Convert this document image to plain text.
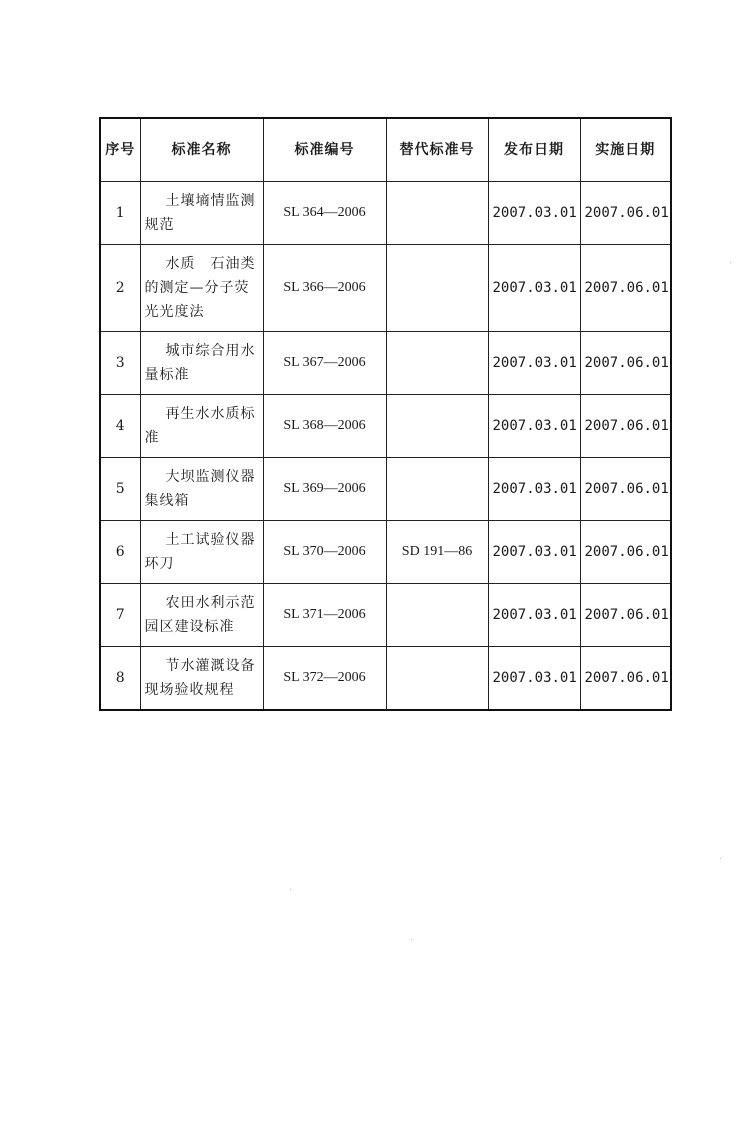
序号	标准名称	标准编号	替代标准号	发布日期	实施日期
1	土壤墒情监测规范	SL 364—2006		2007.03.01	2007.06.01
2	水质　石油类的测定—分子荧光光度法	SL 366—2006		2007.03.01	2007.06.01
3	城市综合用水量标准	SL 367—2006		2007.03.01	2007.06.01
4	再生水水质标准	SL 368—2006		2007.03.01	2007.06.01
5	大坝监测仪器集线箱	SL 369—2006		2007.03.01	2007.06.01
6	土工试验仪器环刀	SL 370—2006	SD 191—86	2007.03.01	2007.06.01
7	农田水利示范园区建设标准	SL 371—2006		2007.03.01	2007.06.01
8	节水灌溉设备现场验收规程	SL 372—2006		2007.03.01	2007.06.01
